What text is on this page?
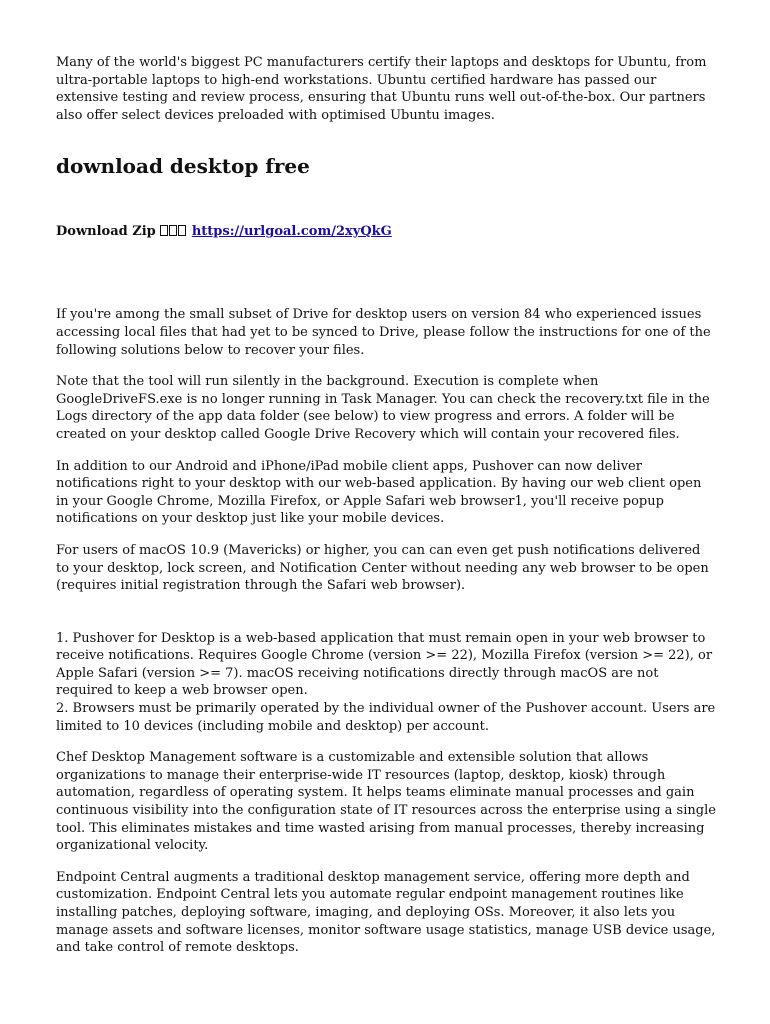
Many of the world's biggest PC manufacturers certify their laptops and desktops for Ubuntu, from ultra-portable laptops to high-end workstations. Ubuntu certified hardware has passed our extensive testing and review process, ensuring that Ubuntu runs well out-of-the-box. Our partners also offer select devices preloaded with optimised Ubuntu images.

download desktop free
Download Zip	https://urlgoal.com/2xyQkG

If you're among the small subset of Drive for desktop users on version 84 who experienced issues accessing local files that had yet to be synced to Drive, please follow the instructions for one of the following solutions below to recover your files.

Note that the tool will run silently in the background. Execution is complete when GoogleDriveFS.exe is no longer running in Task Manager. You can check the recovery.txt file in the Logs directory of the app data folder (see below) to view progress and errors. A folder will be created on your desktop called Google Drive Recovery which will contain your recovered files.

In addition to our Android and iPhone/iPad mobile client apps, Pushover can now deliver notifications right to your desktop with our web-based application. By having our web client open in your Google Chrome, Mozilla Firefox, or Apple Safari web browser1, you'll receive popup notifications on your desktop just like your mobile devices.

For users of macOS 10.9 (Mavericks) or higher, you can can even get push notifications delivered to your desktop, lock screen, and Notification Center without needing any web browser to be open (requires initial registration through the Safari web browser).

1. Pushover for Desktop is a web-based application that must remain open in your web browser to receive notifications. Requires Google Chrome (version >= 22), Mozilla Firefox (version >= 22), or Apple Safari (version >= 7). macOS receiving notifications directly through macOS are not required to keep a web browser open.

2. Browsers must be primarily operated by the individual owner of the Pushover account. Users are limited to 10 devices (including mobile and desktop) per account.

Chef Desktop Management software is a customizable and extensible solution that allows organizations to manage their enterprise-wide IT resources (laptop, desktop, kiosk) through automation, regardless of operating system. It helps teams eliminate manual processes and gain continuous visibility into the configuration state of IT resources across the enterprise using a single tool. This eliminates mistakes and time wasted arising from manual processes, thereby increasing organizational velocity.

Endpoint Central augments a traditional desktop management service, offering more depth and customization. Endpoint Central lets you automate regular endpoint management routines like installing patches, deploying software, imaging, and deploying OSs. Moreover, it also lets you manage assets and software licenses, monitor software usage statistics, manage USB device usage, and take control of remote desktops.
